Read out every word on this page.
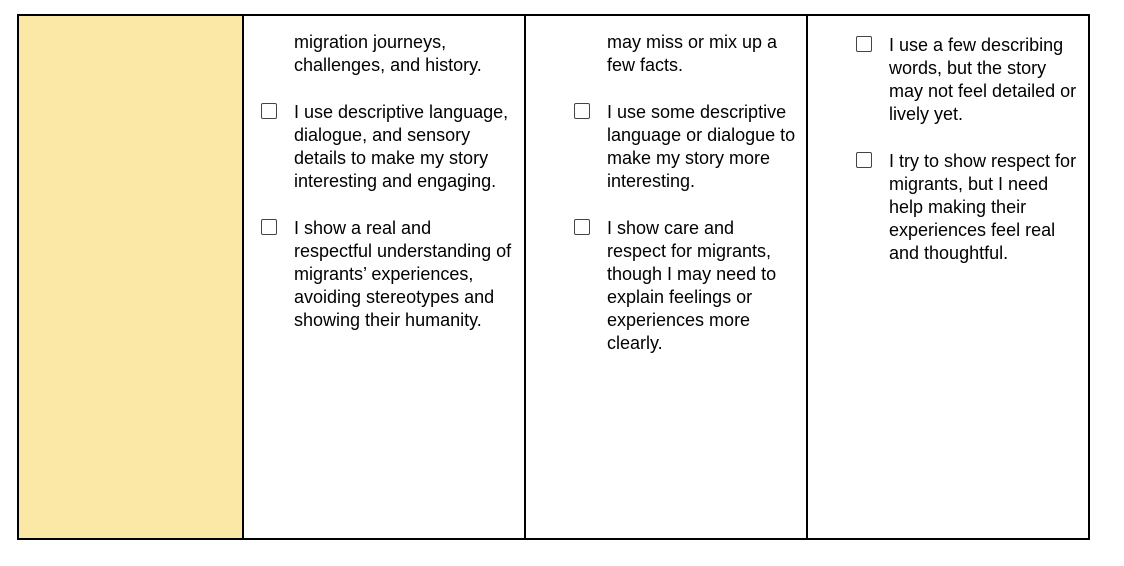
migration journeys, challenges, and history.
I use descriptive language, dialogue, and sensory details to make my story interesting and engaging.
I show a real and respectful understanding of migrants’ experiences, avoiding stereotypes and showing their humanity.

may miss or mix up a few facts.
I use some descriptive language or dialogue to make my story more interesting.
I show care and respect for migrants, though I may need to explain feelings or experiences more clearly.

I use a few describing words, but the story may not feel detailed or lively yet.
I try to show respect for migrants, but I need help making their experiences feel real and thoughtful.
